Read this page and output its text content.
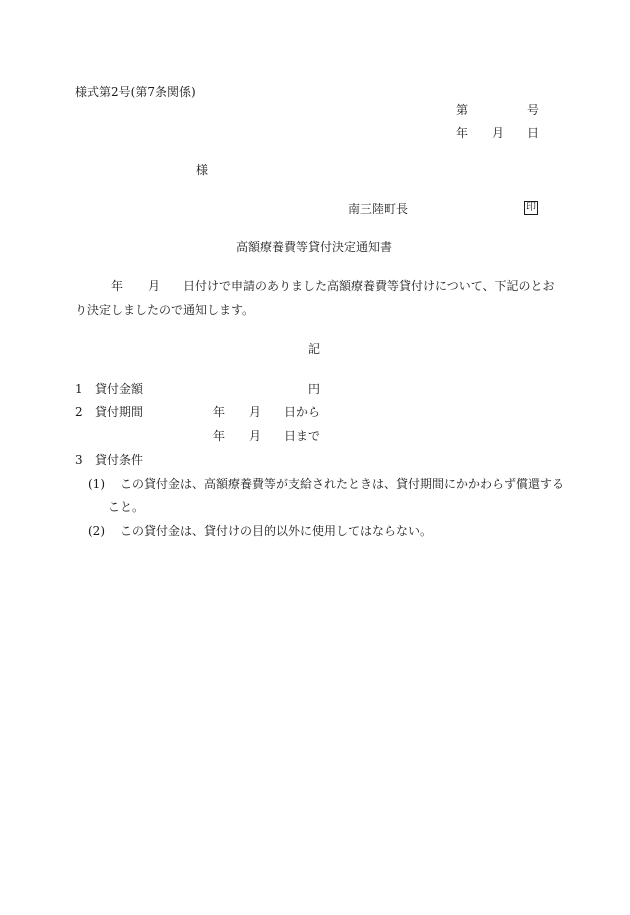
様式第2号(第7条関係)
第	号
年 月 日
様
南三陸町長	印
高額療養費等貸付決定通知書
年 月 日付けで申請のありました高額療養費等貸付けについて、下記のとお
り決定しましたので通知します。
記
1 貸付金額	円
2 貸付期間	年 月 日から
年 月 日まで
3 貸付条件
(1) この貸付金は、高額療養費等が支給されたときは、貸付期間にかかわらず償還する
こと。
(2) この貸付金は、貸付けの目的以外に使用してはならない。
